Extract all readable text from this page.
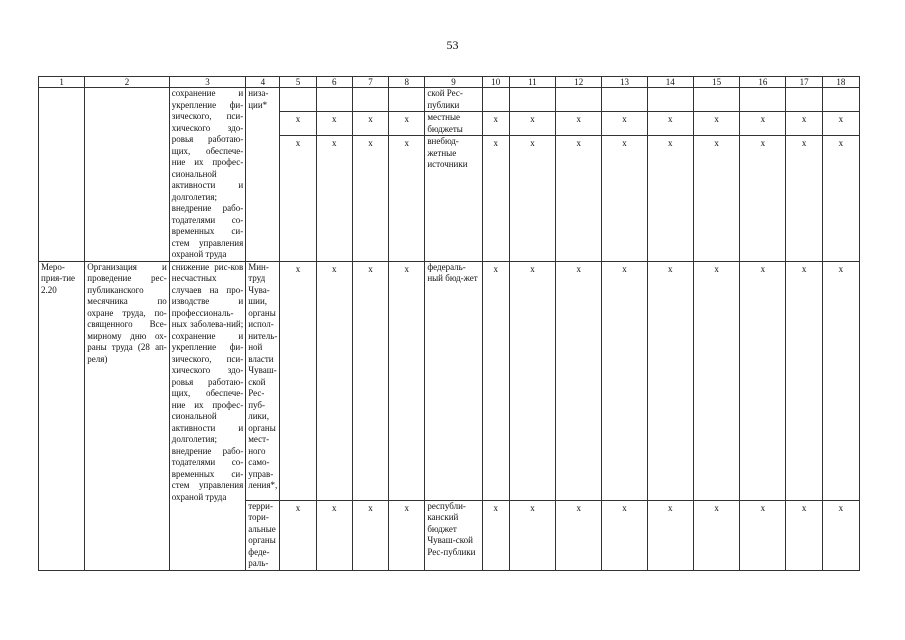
53
1	2	3	4	5	6	7	8	9	10	11	12	13	14	15	16	17	18

		сохранение и укрепление фи-зического, пси-хического здо-ровья работаю-щих, обеспече-ние их профес-сиональной активности и долголетия; внедрение рабо-тодателями со-временных си-стем управления охраной труда	низа-ции*					ской Рес-публики									

				x	x	x	x	местные бюджеты	x	x	x	x	x	x	x	x	x
				x	x	x	x	внебюд-жетные источники	x	x	x	x	x	x	x	x	x

Меро-прия-тие 2.20	Организация и проведение рес-публиканского месячника по охране труда, по-священного Все-мирному дню ох-раны труда (28 ап-реля)	снижение рис-ков несчастных случаев на про-изводстве и профессиональ-ных заболева-ний; сохранение и укрепление фи-зического, пси-хического здо-ровья работаю-щих, обеспече-ние их профес-сиональной активности и долголетия; внедрение рабо-тодателями со-временных си-стем управления охраной труда	Мин-труд Чува-шии, органы испол-нитель-ной власти Чуваш-ской Рес-пуб-лики, органы мест-ного само-управ-ления*,	x	x	x	x	федераль-ный бюд-жет	x	x	x	x	x	x	x	x	x

			терри-тори-альные органы феде-раль-	x	x	x	x	республи-канский бюджет Чуваш-ской Рес-публики	x	x	x	x	x	x	x	x	x
